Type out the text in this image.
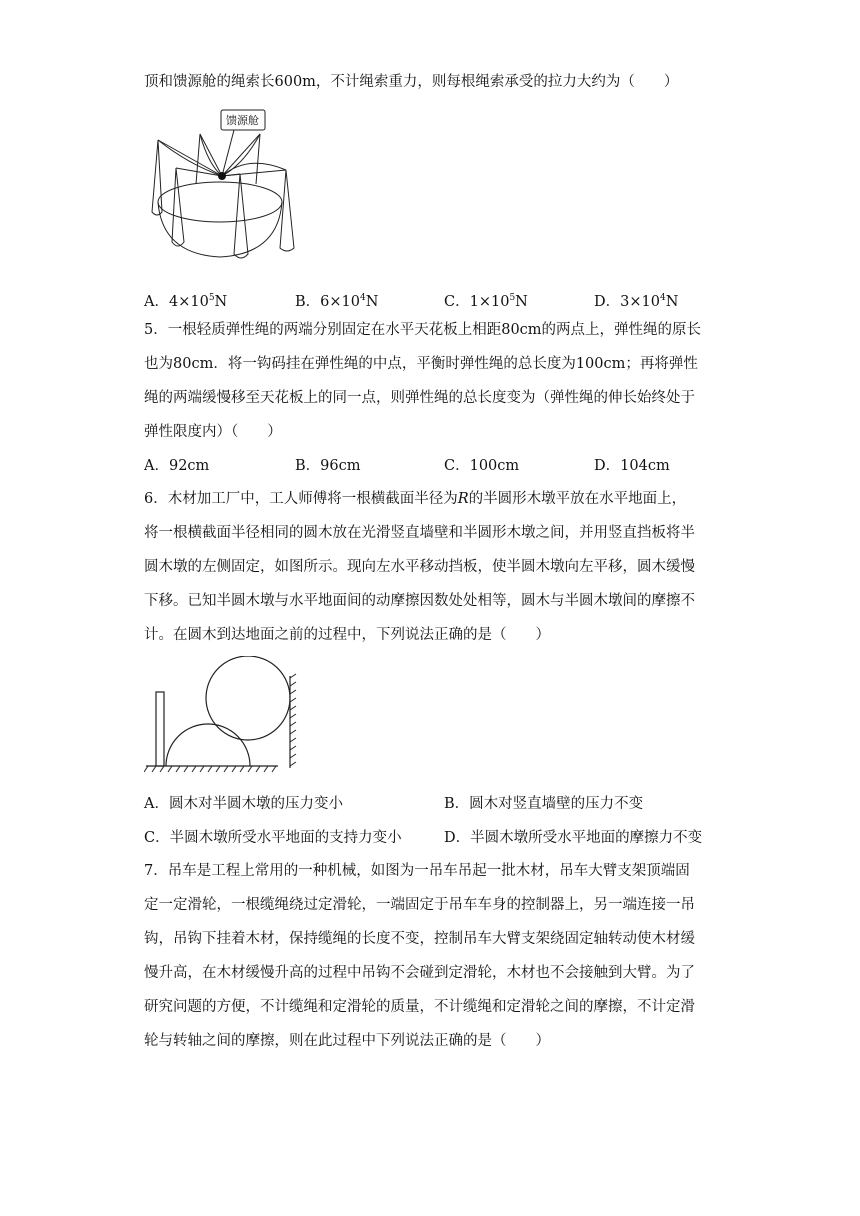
顶和馈源舱的绳索长600m，不计绳索重力，则每根绳索承受的拉力大约为（　　）
馈源舱
A．$4\times 10^5N$	B．$6\times 10^4N$	C．$1\times 10^5N$	D．$3\times 10^4N$
5．一根轻质弹性绳的两端分别固定在水平天花板上相距80cm的两点上，弹性绳的原长
也为80cm．将一钩码挂在弹性绳的中点，平衡时弹性绳的总长度为100cm；再将弹性
绳的两端缓慢移至天花板上的同一点，则弹性绳的总长度变为（弹性绳的伸长始终处于
弹性限度内）（　　）
A．92cm	B．96cm	C．100cm	D．104cm
6．木材加工厂中，工人师傅将一根横截面半径为R的半圆形木墩平放在水平地面上，
将一根横截面半径相同的圆木放在光滑竖直墙壁和半圆形木墩之间，并用竖直挡板将半
圆木墩的左侧固定，如图所示。现向左水平移动挡板，使半圆木墩向左平移，圆木缓慢
下移。已知半圆木墩与水平地面间的动摩擦因数处处相等，圆木与半圆木墩间的摩擦不
计。在圆木到达地面之前的过程中，下列说法正确的是（　　）
A．圆木对半圆木墩的压力变小	B．圆木对竖直墙壁的压力不变
C．半圆木墩所受水平地面的支持力变小	D．半圆木墩所受水平地面的摩擦力不变
7．吊车是工程上常用的一种机械，如图为一吊车吊起一批木材，吊车大臂支架顶端固
定一定滑轮，一根缆绳绕过定滑轮，一端固定于吊车车身的控制器上，另一端连接一吊
钩，吊钩下挂着木材，保持缆绳的长度不变，控制吊车大臂支架绕固定轴转动使木材缓
慢升高，在木材缓慢升高的过程中吊钩不会碰到定滑轮，木材也不会接触到大臂。为了
研究问题的方便，不计缆绳和定滑轮的质量，不计缆绳和定滑轮之间的摩擦，不计定滑
轮与转轴之间的摩擦，则在此过程中下列说法正确的是（　　）
